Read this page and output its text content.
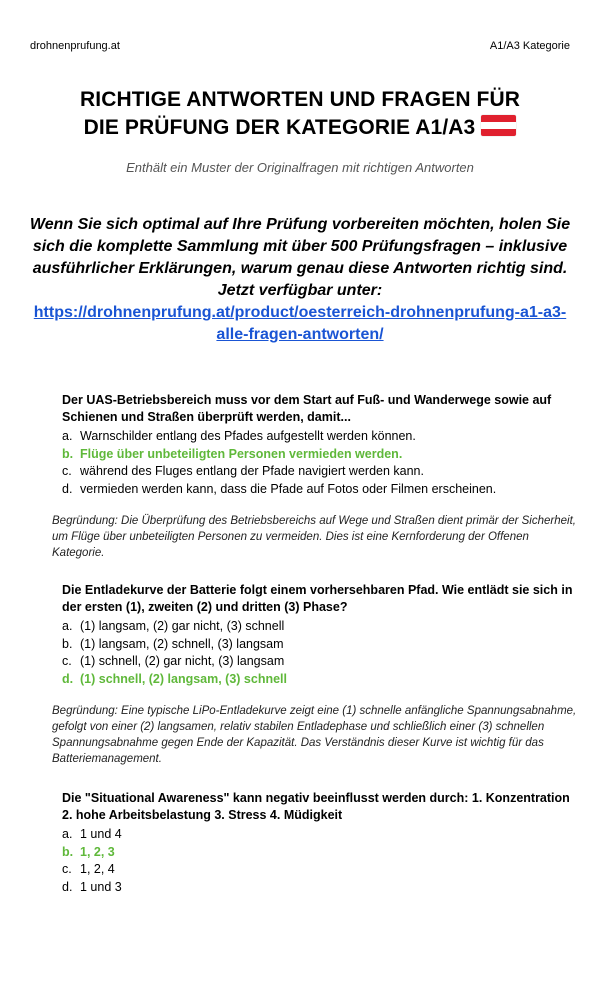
drohnenprufung.at	A1/A3 Kategorie
RICHTIGE ANTWORTEN UND FRAGEN FÜR
DIE PRÜFUNG DER KATEGORIE A1/A3
Enthält ein Muster der Originalfragen mit richtigen Antworten
Wenn Sie sich optimal auf Ihre Prüfung vorbereiten möchten, holen Sie sich die komplette Sammlung mit über 500 Prüfungsfragen – inklusive ausführlicher Erklärungen, warum genau diese Antworten richtig sind. Jetzt verfügbar unter:
https://drohnenprufung.at/product/oesterreich-drohnenprufung-a1-a3-alle-fragen-antworten/
Der UAS-Betriebsbereich muss vor dem Start auf Fuß- und Wanderwege sowie auf Schienen und Straßen überprüft werden, damit...
a. Warnschilder entlang des Pfades aufgestellt werden können.
b. Flüge über unbeteiligten Personen vermieden werden.
c. während des Fluges entlang der Pfade navigiert werden kann.
d. vermieden werden kann, dass die Pfade auf Fotos oder Filmen erscheinen.
Begründung: Die Überprüfung des Betriebsbereichs auf Wege und Straßen dient primär der Sicherheit, um Flüge über unbeteiligten Personen zu vermeiden. Dies ist eine Kernforderung der Offenen Kategorie.
Die Entladekurve der Batterie folgt einem vorhersehbaren Pfad. Wie entlädt sie sich in der ersten (1), zweiten (2) und dritten (3) Phase?
a. (1) langsam, (2) gar nicht, (3) schnell
b. (1) langsam, (2) schnell, (3) langsam
c. (1) schnell, (2) gar nicht, (3) langsam
d. (1) schnell, (2) langsam, (3) schnell
Begründung: Eine typische LiPo-Entladekurve zeigt eine (1) schnelle anfängliche Spannungsabnahme, gefolgt von einer (2) langsamen, relativ stabilen Entladephase und schließlich einer (3) schnellen Spannungsabnahme gegen Ende der Kapazität. Das Verständnis dieser Kurve ist wichtig für das Batteriemanagement.
Die "Situational Awareness" kann negativ beeinflusst werden durch: 1. Konzentration 2. hohe Arbeitsbelastung 3. Stress 4. Müdigkeit
a. 1 und 4
b. 1, 2, 3
c. 1, 2, 4
d. 1 und 3
